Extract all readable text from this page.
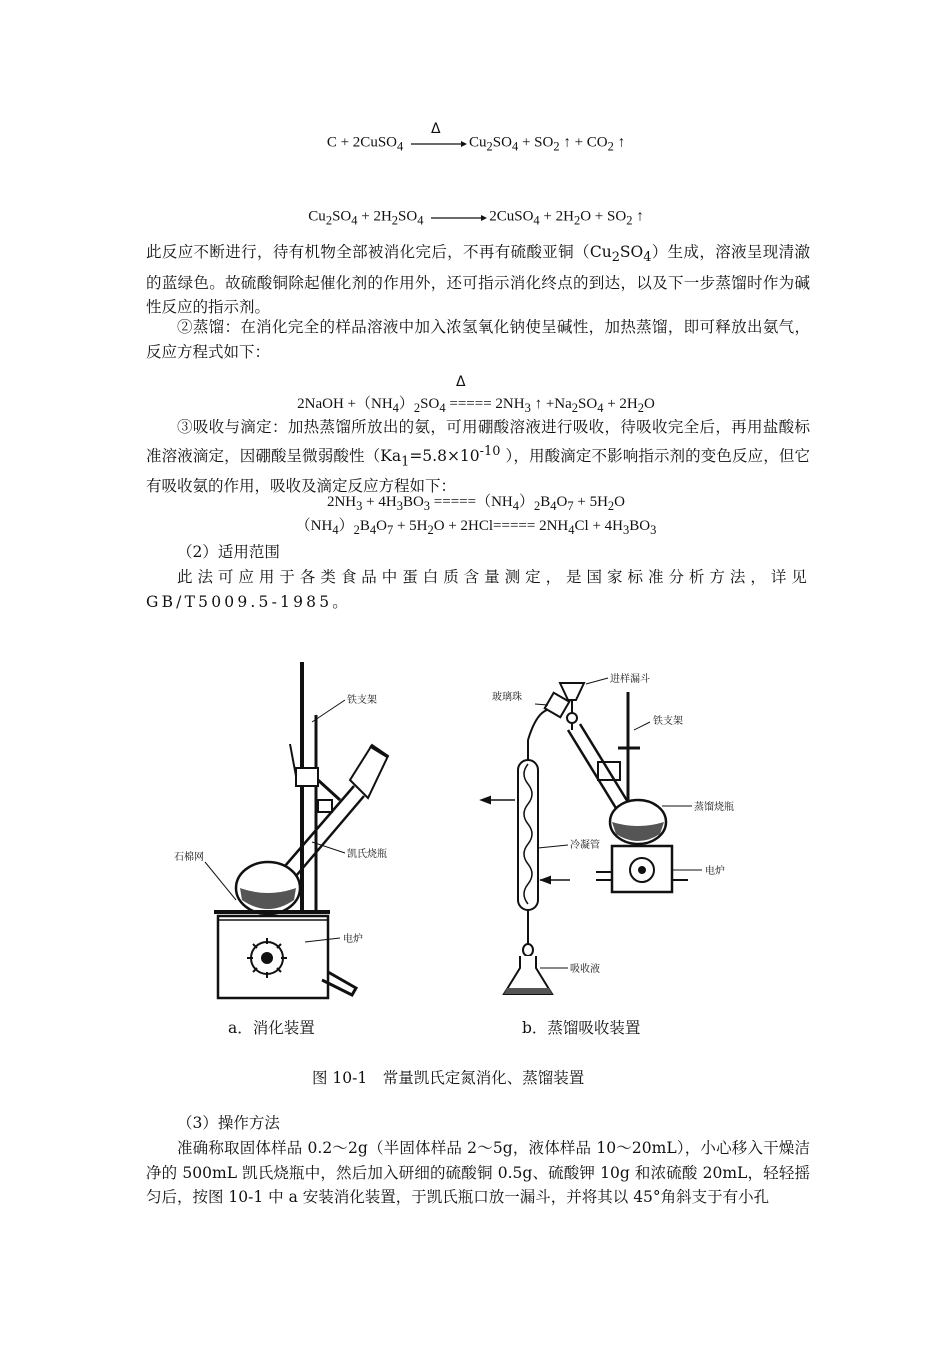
C + 2CuSO$_4$
Δ
$Cu_2SO_4 + SO_2$ ↑ + $CO_2$ ↑
$Cu_2SO_4 + 2H_2SO_4$ → 2CuSO$_4$ + $2H_2O + SO_2$ ↑
此反应不断进行，待有机物全部被消化完后，不再有硫酸亚铜$(Cu_2SO_4)$生成，溶液呈现清澈的蓝绿色。故硫酸铜除起催化剂的作用外，还可指示消化终点的到达，以及下一步蒸馏时作为碱性反应的指示剂。
②蒸馏：在消化完全的样品溶液中加入浓氢氧化钠使呈碱性，加热蒸馏，即可释放出氨气，反应方程式如下：
Δ
2NaOH $+(NH_4)_2SO_4$ ===== $2NH_3$ ↑ $+Na_2SO_4 + 2H_2O$
③吸收与滴定：加热蒸馏所放出的氨，可用硼酸溶液进行吸收，待吸收完全后，再用盐酸标准溶液滴定，因硼酸呈微弱酸性（$Ka_1=5.8\times 10^{-10}$ ），用酸滴定不影响指示剂的变色反应，但它有吸收氨的作用，吸收及滴定反应方程如下：
$2NH_3 + 4H_3BO_3 =====(NH_4)_2B_4O_7 + 5H_2O$
$(NH_4)_2B_4O_7 + 5H_2O + 2HCl===== 2NH_4Cl + 4H_3BO_3$
（2）适用范围
此法可应用于各类食品中蛋白质含量测定，是国家标准分析方法，详见GB/T5009.5-1985。
铁支架
石棉网	凯氏烧瓶
电炉
进样漏斗
玻璃珠
铁支架
蒸馏烧瓶
冷凝管
电炉
吸收液
a．消化装置	b．蒸馏吸收装置
图 10-1　常量凯氏定氮消化、蒸馏装置
（3）操作方法
准确称取固体样品 0.2～2g（半固体样品 2～5g，液体样品 10～20mL），小心移入干燥洁净的 500mL 凯氏烧瓶中，然后加入研细的硫酸铜 0.5g、硫酸钾 10g 和浓硫酸 20mL，轻轻摇匀后，按图 10-1 中 a 安装消化装置，于凯氏瓶口放一漏斗，并将其以 45°角斜支于有小孔
